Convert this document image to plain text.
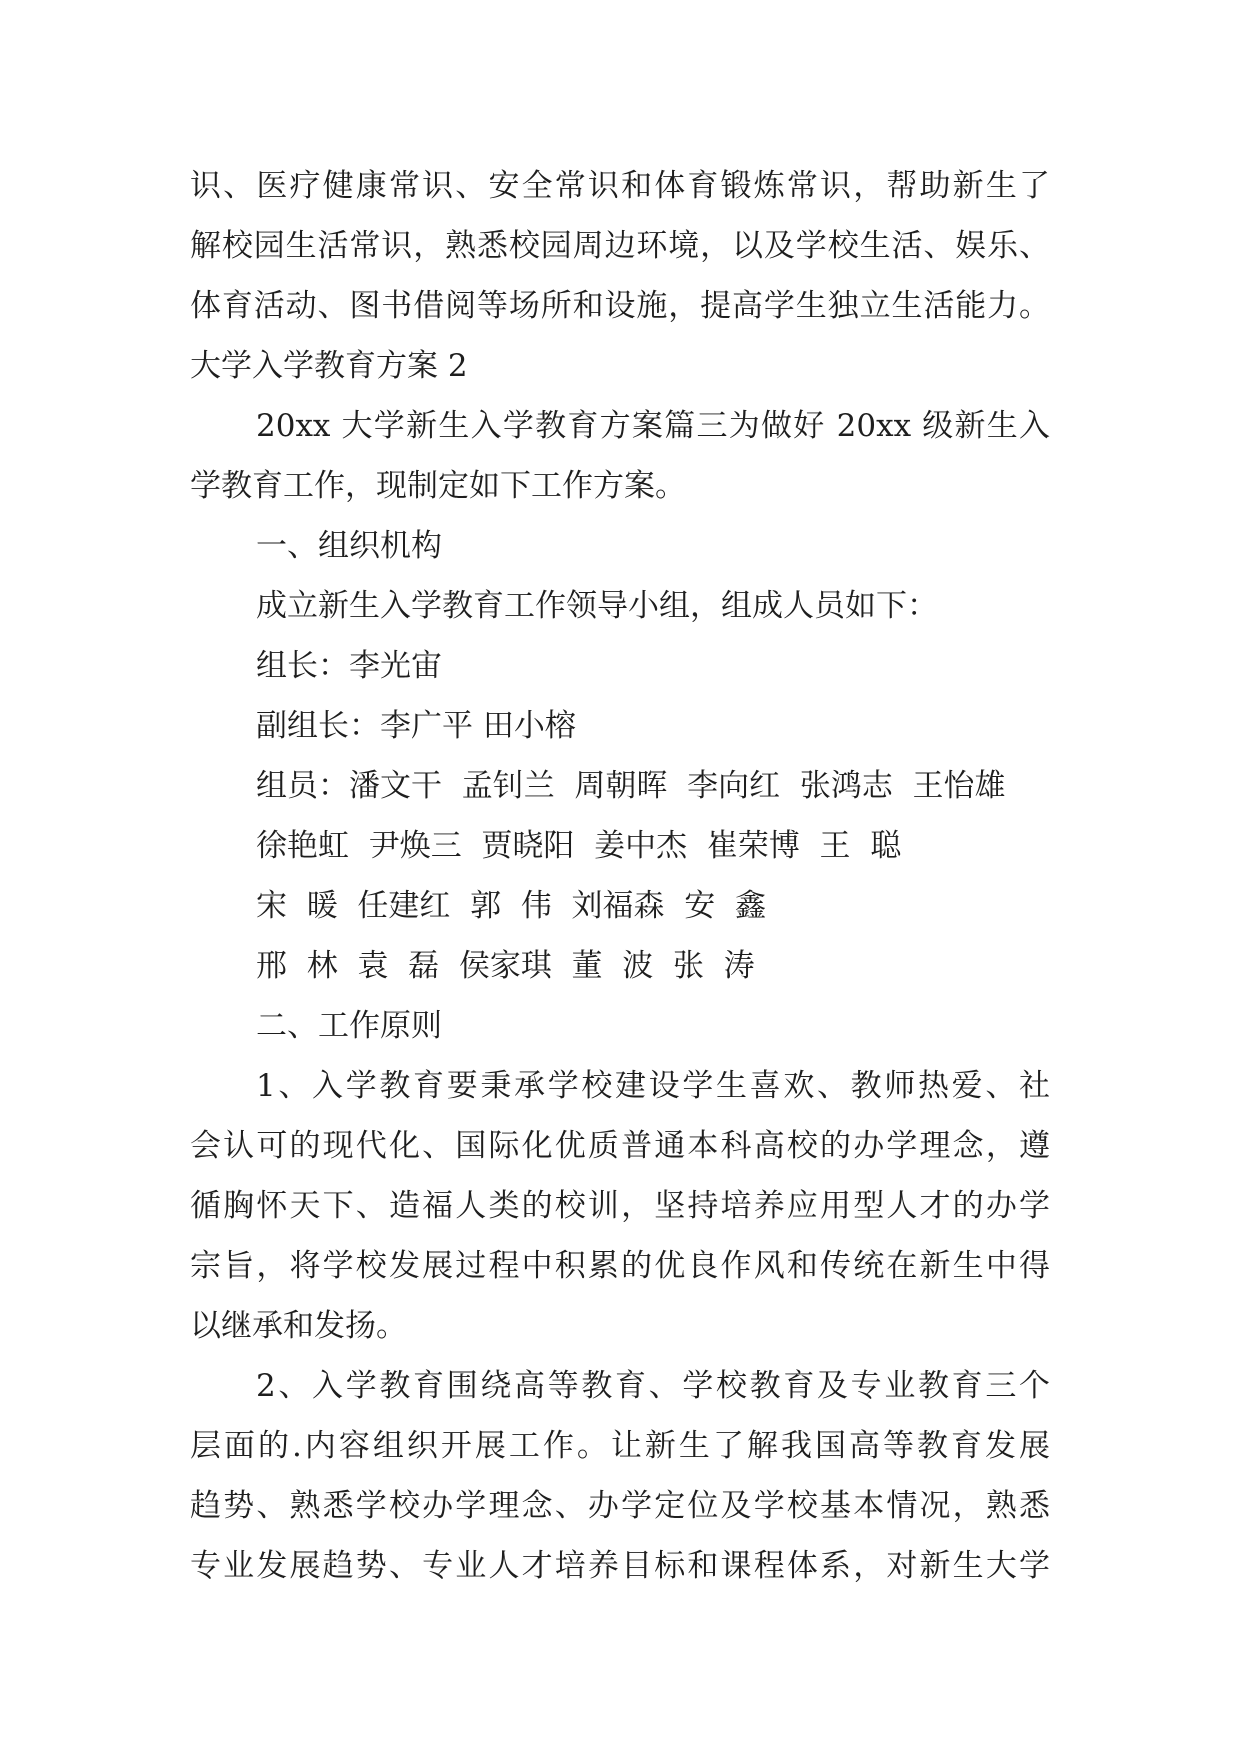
识、医疗健康常识、安全常识和体育锻炼常识，帮助新生了
解校园生活常识，熟悉校园周边环境，以及学校生活、娱乐、
体育活动、图书借阅等场所和设施，提高学生独立生活能力。
大学入学教育方案 2
20xx 大学新生入学教育方案篇三为做好 20xx 级新生入
学教育工作，现制定如下工作方案。
一、组织机构
成立新生入学教育工作领导小组，组成人员如下：
组长：李光宙
副组长：李广平 田小榕
组员：潘文干  孟钊兰  周朝晖  李向红  张鸿志  王怡雄
徐艳虹  尹焕三  贾晓阳  姜中杰  崔荣博  王  聪
宋  暖  任建红  郭  伟  刘福森  安  鑫
邢  林  袁  磊  侯家琪  董  波  张  涛
二、工作原则
1、入学教育要秉承学校建设学生喜欢、教师热爱、社
会认可的现代化、国际化优质普通本科高校的办学理念，遵
循胸怀天下、造福人类的校训，坚持培养应用型人才的办学
宗旨，将学校发展过程中积累的优良作风和传统在新生中得
以继承和发扬。
2、入学教育围绕高等教育、学校教育及专业教育三个
层面的.内容组织开展工作。让新生了解我国高等教育发展
趋势、熟悉学校办学理念、办学定位及学校基本情况，熟悉
专业发展趋势、专业人才培养目标和课程体系，对新生大学
